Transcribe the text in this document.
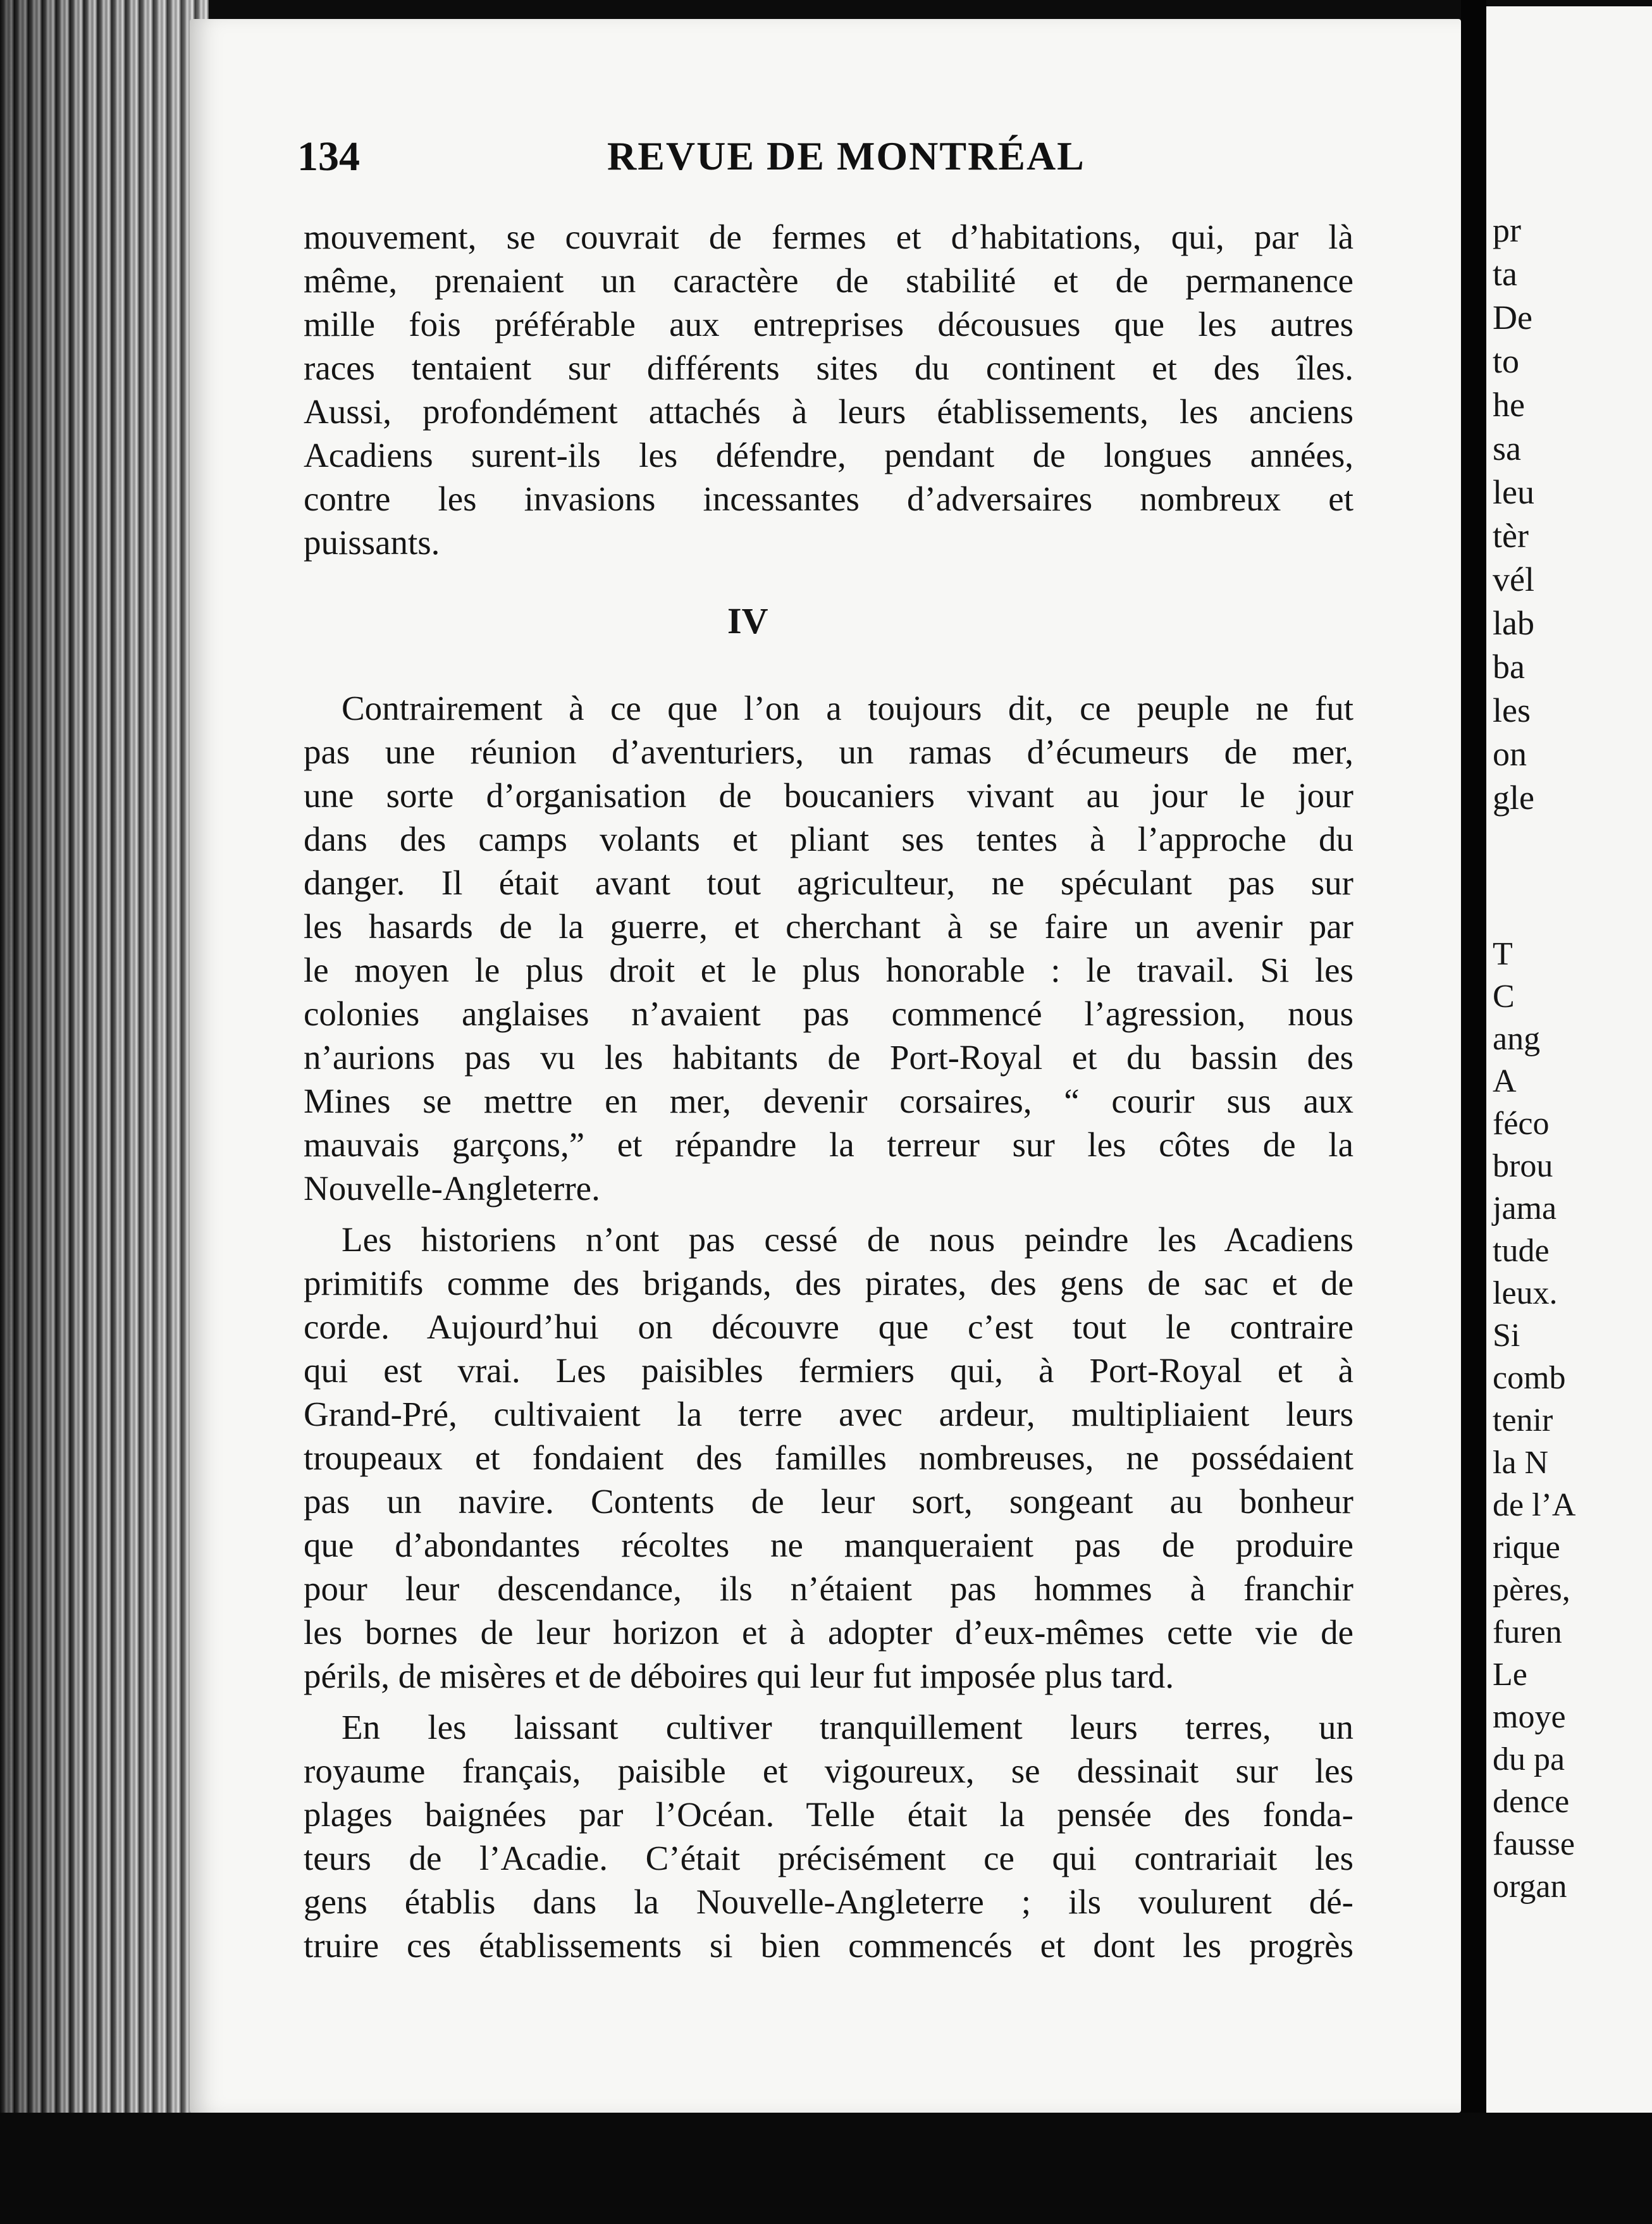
pr
ta
De
to
he
sa
leu
tèr
vél
lab
ba
les
on
gle
T
C
ang
A
féco
brou
jama
tude
leux.
Si
comb
tenir
la N
de l’A
rique
pères,
furen
Le
moye
du pa
dence
fausse
organ
134	REVUE DE MONTRÉAL
mouvement, se couvrait de fermes et d’habitations, qui, par là
même, prenaient un caractère de stabilité et de permanence
mille fois préférable aux entreprises décousues que les autres
races tentaient sur différents sites du continent et des îles.
Aussi, profondément attachés à leurs établissements, les anciens
Acadiens surent-ils les défendre, pendant de longues années,
contre les invasions incessantes d’adversaires nombreux et
puissants.
IV
Contrairement à ce que l’on a toujours dit, ce peuple ne fut
pas une réunion d’aventuriers, un ramas d’écumeurs de mer,
une sorte d’organisation de boucaniers vivant au jour le jour
dans des camps volants et pliant ses tentes à l’approche du
danger. Il était avant tout agriculteur, ne spéculant pas sur
les hasards de la guerre, et cherchant à se faire un avenir par
le moyen le plus droit et le plus honorable : le travail. Si les
colonies anglaises n’avaient pas commencé l’agression, nous
n’aurions pas vu les habitants de Port-Royal et du bassin des
Mines se mettre en mer, devenir corsaires, “ courir sus aux
mauvais garçons,” et répandre la terreur sur les côtes de la
Nouvelle-Angleterre.
Les historiens n’ont pas cessé de nous peindre les Acadiens
primitifs comme des brigands, des pirates, des gens de sac et de
corde. Aujourd’hui on découvre que c’est tout le contraire
qui est vrai. Les paisibles fermiers qui, à Port-Royal et à
Grand-Pré, cultivaient la terre avec ardeur, multipliaient leurs
troupeaux et fondaient des familles nombreuses, ne possédaient
pas un navire. Contents de leur sort, songeant au bonheur
que d’abondantes récoltes ne manqueraient pas de produire
pour leur descendance, ils n’étaient pas hommes à franchir
les bornes de leur horizon et à adopter d’eux-mêmes cette vie de
périls, de misères et de déboires qui leur fut imposée plus tard.
En les laissant cultiver tranquillement leurs terres, un
royaume français, paisible et vigoureux, se dessinait sur les
plages baignées par l’Océan. Telle était la pensée des fonda-
teurs de l’Acadie. C’était précisément ce qui contrariait les
gens établis dans la Nouvelle-Angleterre ; ils voulurent dé-
truire ces établissements si bien commencés et dont les progrès
